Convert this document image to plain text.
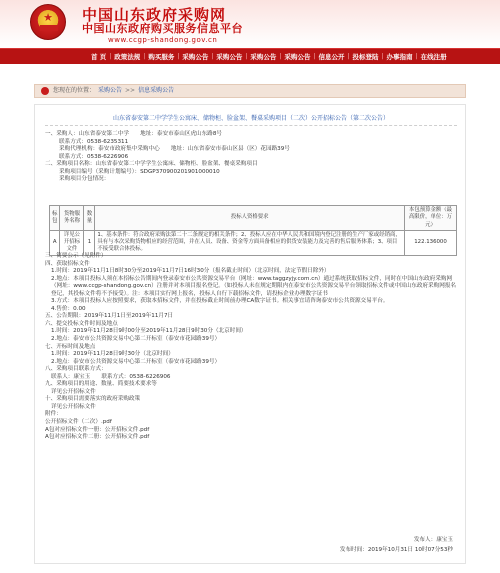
★	中国山东政府采购网
中国山东政府购买服务信息平台
www.ccgp-shandong.gov.cn
首 页 | 政策法规 | 购买服务 | 采购公告 | 采购公告 | 采购公告 | 采购公告 | 信息公开 | 投标登陆 | 办事指南 | 在线注册
您现在的位置： 采购公告 >> 信息采购公告
山东省泰安第二中学学生公寓床、储物柜、脸盆架、餐桌采购项目（二次）公开招标公告（第二次公告）

一、采购人：山东省泰安第二中学　　地址：泰安市泰山区虎山东路8号

联系方式：0538-6235311

采购代理机构：泰安市政府集中采购中心　　地址：山东省泰安市泰山区县（区）花园路39号

联系方式：0538-6226906

二、采购项目名称：山东省泰安第二中学学生公寓床、储物柜、脸盆架、餐桌采购项目

采购项目编号（采购计划编号）：SDGP370900201901000010

采购项目分包情况：

标包	货物服务名称	数量	投标人资格要求	本包预算金额（最高限价，单位：万元）
A	详见公开招标文件	1	1、基本条件：符合政府采购法第二十二条规定的相关条件；2、投标人应在中华人民共和国境内登记注册的生产厂家或经销商，具有与本次采购货物相应的经营范围，并在人员、设备、资金等方面具备相应的供货安装能力及完善的售后服务体系；3、项目不接受联合体投标。	122.136000

三、简要公示（见附件）

四、获取招标文件

1.时间：2019年11月1日8时30分至2019年11月7日16时30分（报名截止时间）（北京时间，法定节假日除外）

2.地点：本项目投标人须在本招标公告期间内登录泰安市公共资源交易平台（网址：www.taggzyjy.com.cn）通过系统获取招标文件，同时在中国山东政府采购网（网址：www.ccgp-shandong.gov.cn）注册并对本项目报名登记。（如投标人未在规定期限内在泰安市公共资源交易平台领取招标文件或中国山东政府采购网报名登记，其投标文件将不予接受）。注：本项目实行网上报名，投标人自行下载招标文件，请投标企业办理数字证书

3.方式：本项目投标人应按照要求，获取本招标文件，并在投标截止时间前办理CA数字证书。相关事宜请咨询泰安市公共资源交易平台。

4.售价：0.00

五、公告期限：2019年11月1日至2019年11月7日

六、提交投标文件时间及地点

1.时间：2019年11月28日9时00分至2019年11月28日9时30分（北京时间）

2.地点：泰安市公共资源交易中心第二开标室（泰安市花园路39号）

七、开标时间及地点

1.时间：2019年11月28日9时30分（北京时间）

2.地点：泰安市公共资源交易中心第二开标室（泰安市花园路39号）

八、采购项目联系方式：

联系人：康宝玉　　联系方式：0538-6226906

九、采购项目的用途、数量、简要技术要求等

详见公开招标文件

十、采购项目需要落实的政府采购政策

详见公开招标文件

附件：

公开招标文件（二次）.pdf

A包对应招标文件一册：公开招标文件.pdf

A包对应招标文件二册：公开招标文件.pdf

发布人：康宝玉
发布时间：2019年10月31日 10时07分53秒
